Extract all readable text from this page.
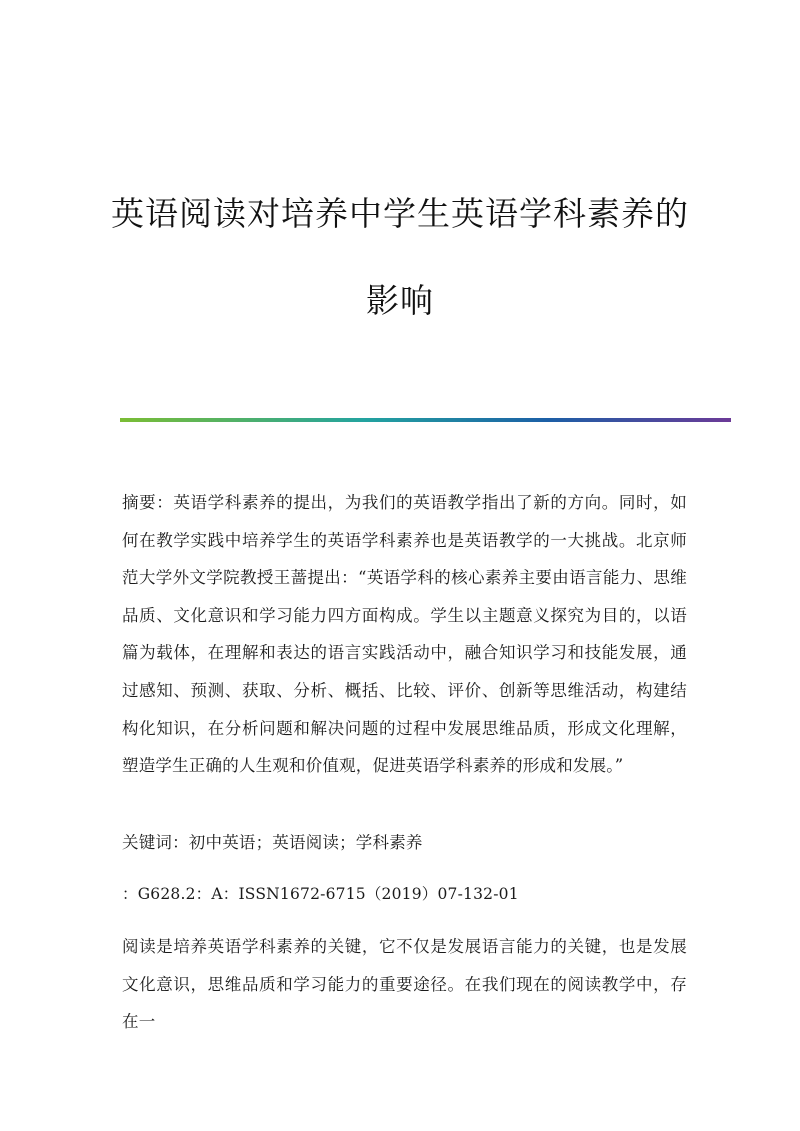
英语阅读对培养中学生英语学科素养的
影响

摘要：英语学科素养的提出，为我们的英语教学指出了新的方向。同时，如何在教学实践中培养学生的英语学科素养也是英语教学的一大挑战。北京师范大学外文学院教授王蔷提出：“英语学科的核心素养主要由语言能力、思维品质、文化意识和学习能力四方面构成。学生以主题意义探究为目的，以语篇为载体，在理解和表达的语言实践活动中，融合知识学习和技能发展，通过感知、预测、获取、分析、概括、比较、评价、创新等思维活动，构建结构化知识，在分析问题和解决问题的过程中发展思维品质，形成文化理解，塑造学生正确的人生观和价值观，促进英语学科素养的形成和发展。”

关键词：初中英语；英语阅读；学科素养

：G628.2：A：ISSN1672-6715（2019）07-132-01

阅读是培养英语学科素养的关键，它不仅是发展语言能力的关键，也是发展文化意识，思维品质和学习能力的重要途径。在我们现在的阅读教学中，存在一
